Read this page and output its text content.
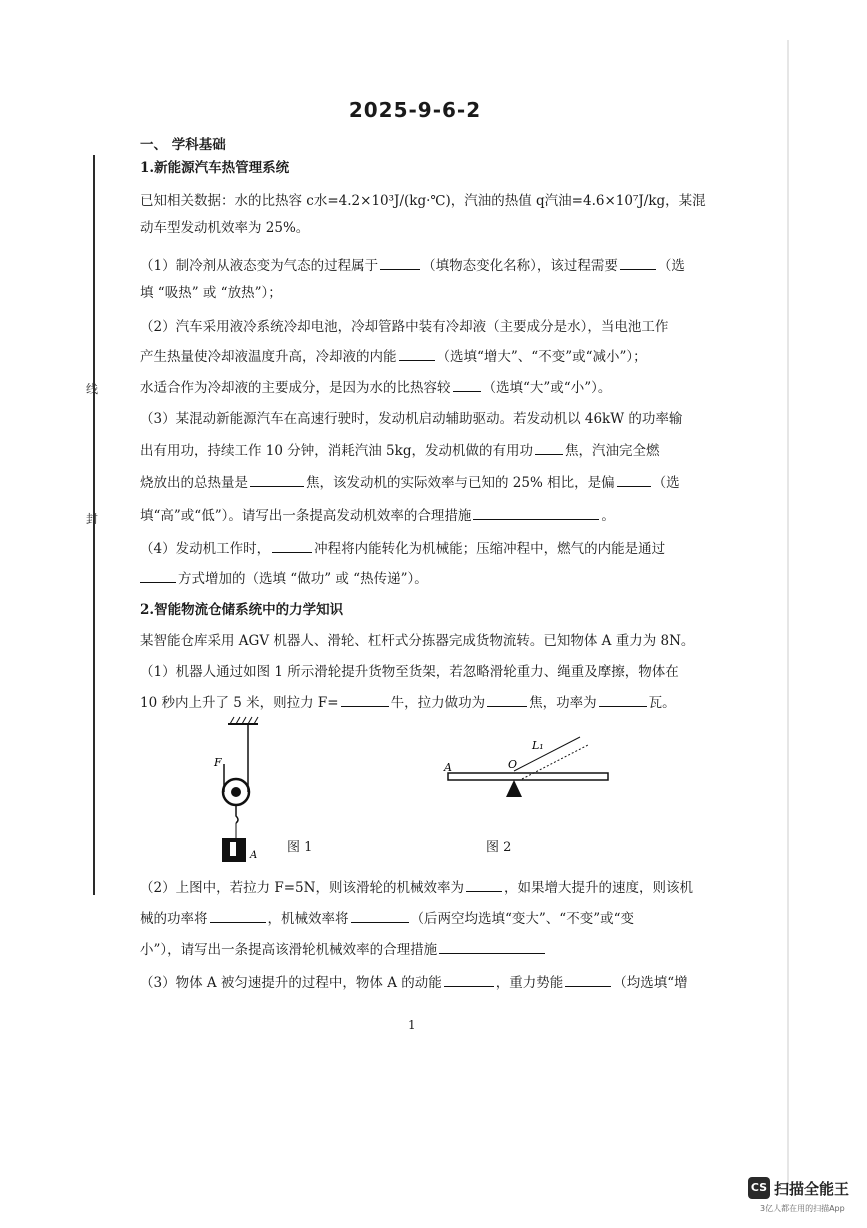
线
封
2025-9-6-2
一、 学科基础
1.新能源汽车热管理系统
已知相关数据：水的比热容 c水=4.2×10³J/(kg·℃)，汽油的热值 q汽油=4.6×10⁷J/kg，某混
动车型发动机效率为 25%。
（1）制冷剂从液态变为气态的过程属于	（填物态变化名称），该过程需要	（选
填 “吸热” 或 “放热”）；
（2）汽车采用液冷系统冷却电池，冷却管路中装有冷却液（主要成分是水），当电池工作
产生热量使冷却液温度升高，冷却液的内能	（选填“增大”、“不变”或“减小”）；
水适合作为冷却液的主要成分，是因为水的比热容较 （选填“大”或“小”）。
（3）某混动新能源汽车在高速行驶时，发动机启动辅助驱动。若发动机以 46kW 的功率输
出有用功，持续工作 10 分钟，消耗汽油 5kg，发动机做的有用功 焦，汽油完全燃
烧放出的总热量是	焦，该发动机的实际效率与已知的 25% 相比，是偏	（选
填“高”或“低”）。请写出一条提高发动机效率的合理措施	。
（4）发动机工作时，	冲程将内能转化为机械能；压缩冲程中，燃气的内能是通过
方式增加的（选填 “做功” 或 “热传递”）。
2.智能物流仓储系统中的力学知识
某智能仓库采用 AGV 机器人、滑轮、杠杆式分拣器完成货物流转。已知物体 A 重力为 8N。
（1）机器人通过如图 1 所示滑轮提升货物至货架，若忽略滑轮重力、绳重及摩擦，物体在
10 秒内上升了 5 米，则拉力 F=	牛，拉力做功为	焦，功率为	瓦。
F
A
图 1
A	O
L₁
图 2
（2）上图中，若拉力 F=5N，则该滑轮的机械效率为	，如果增大提升的速度，则该机
械的功率将	，机械效率将	（后两空均选填“变大”、“不变”或“变
小”），请写出一条提高该滑轮机械效率的合理措施
（3）物体 A 被匀速提升的过程中，物体 A 的动能	，重力势能	（均选填“增
1
CS 扫描全能王
3亿人都在用的扫描App
